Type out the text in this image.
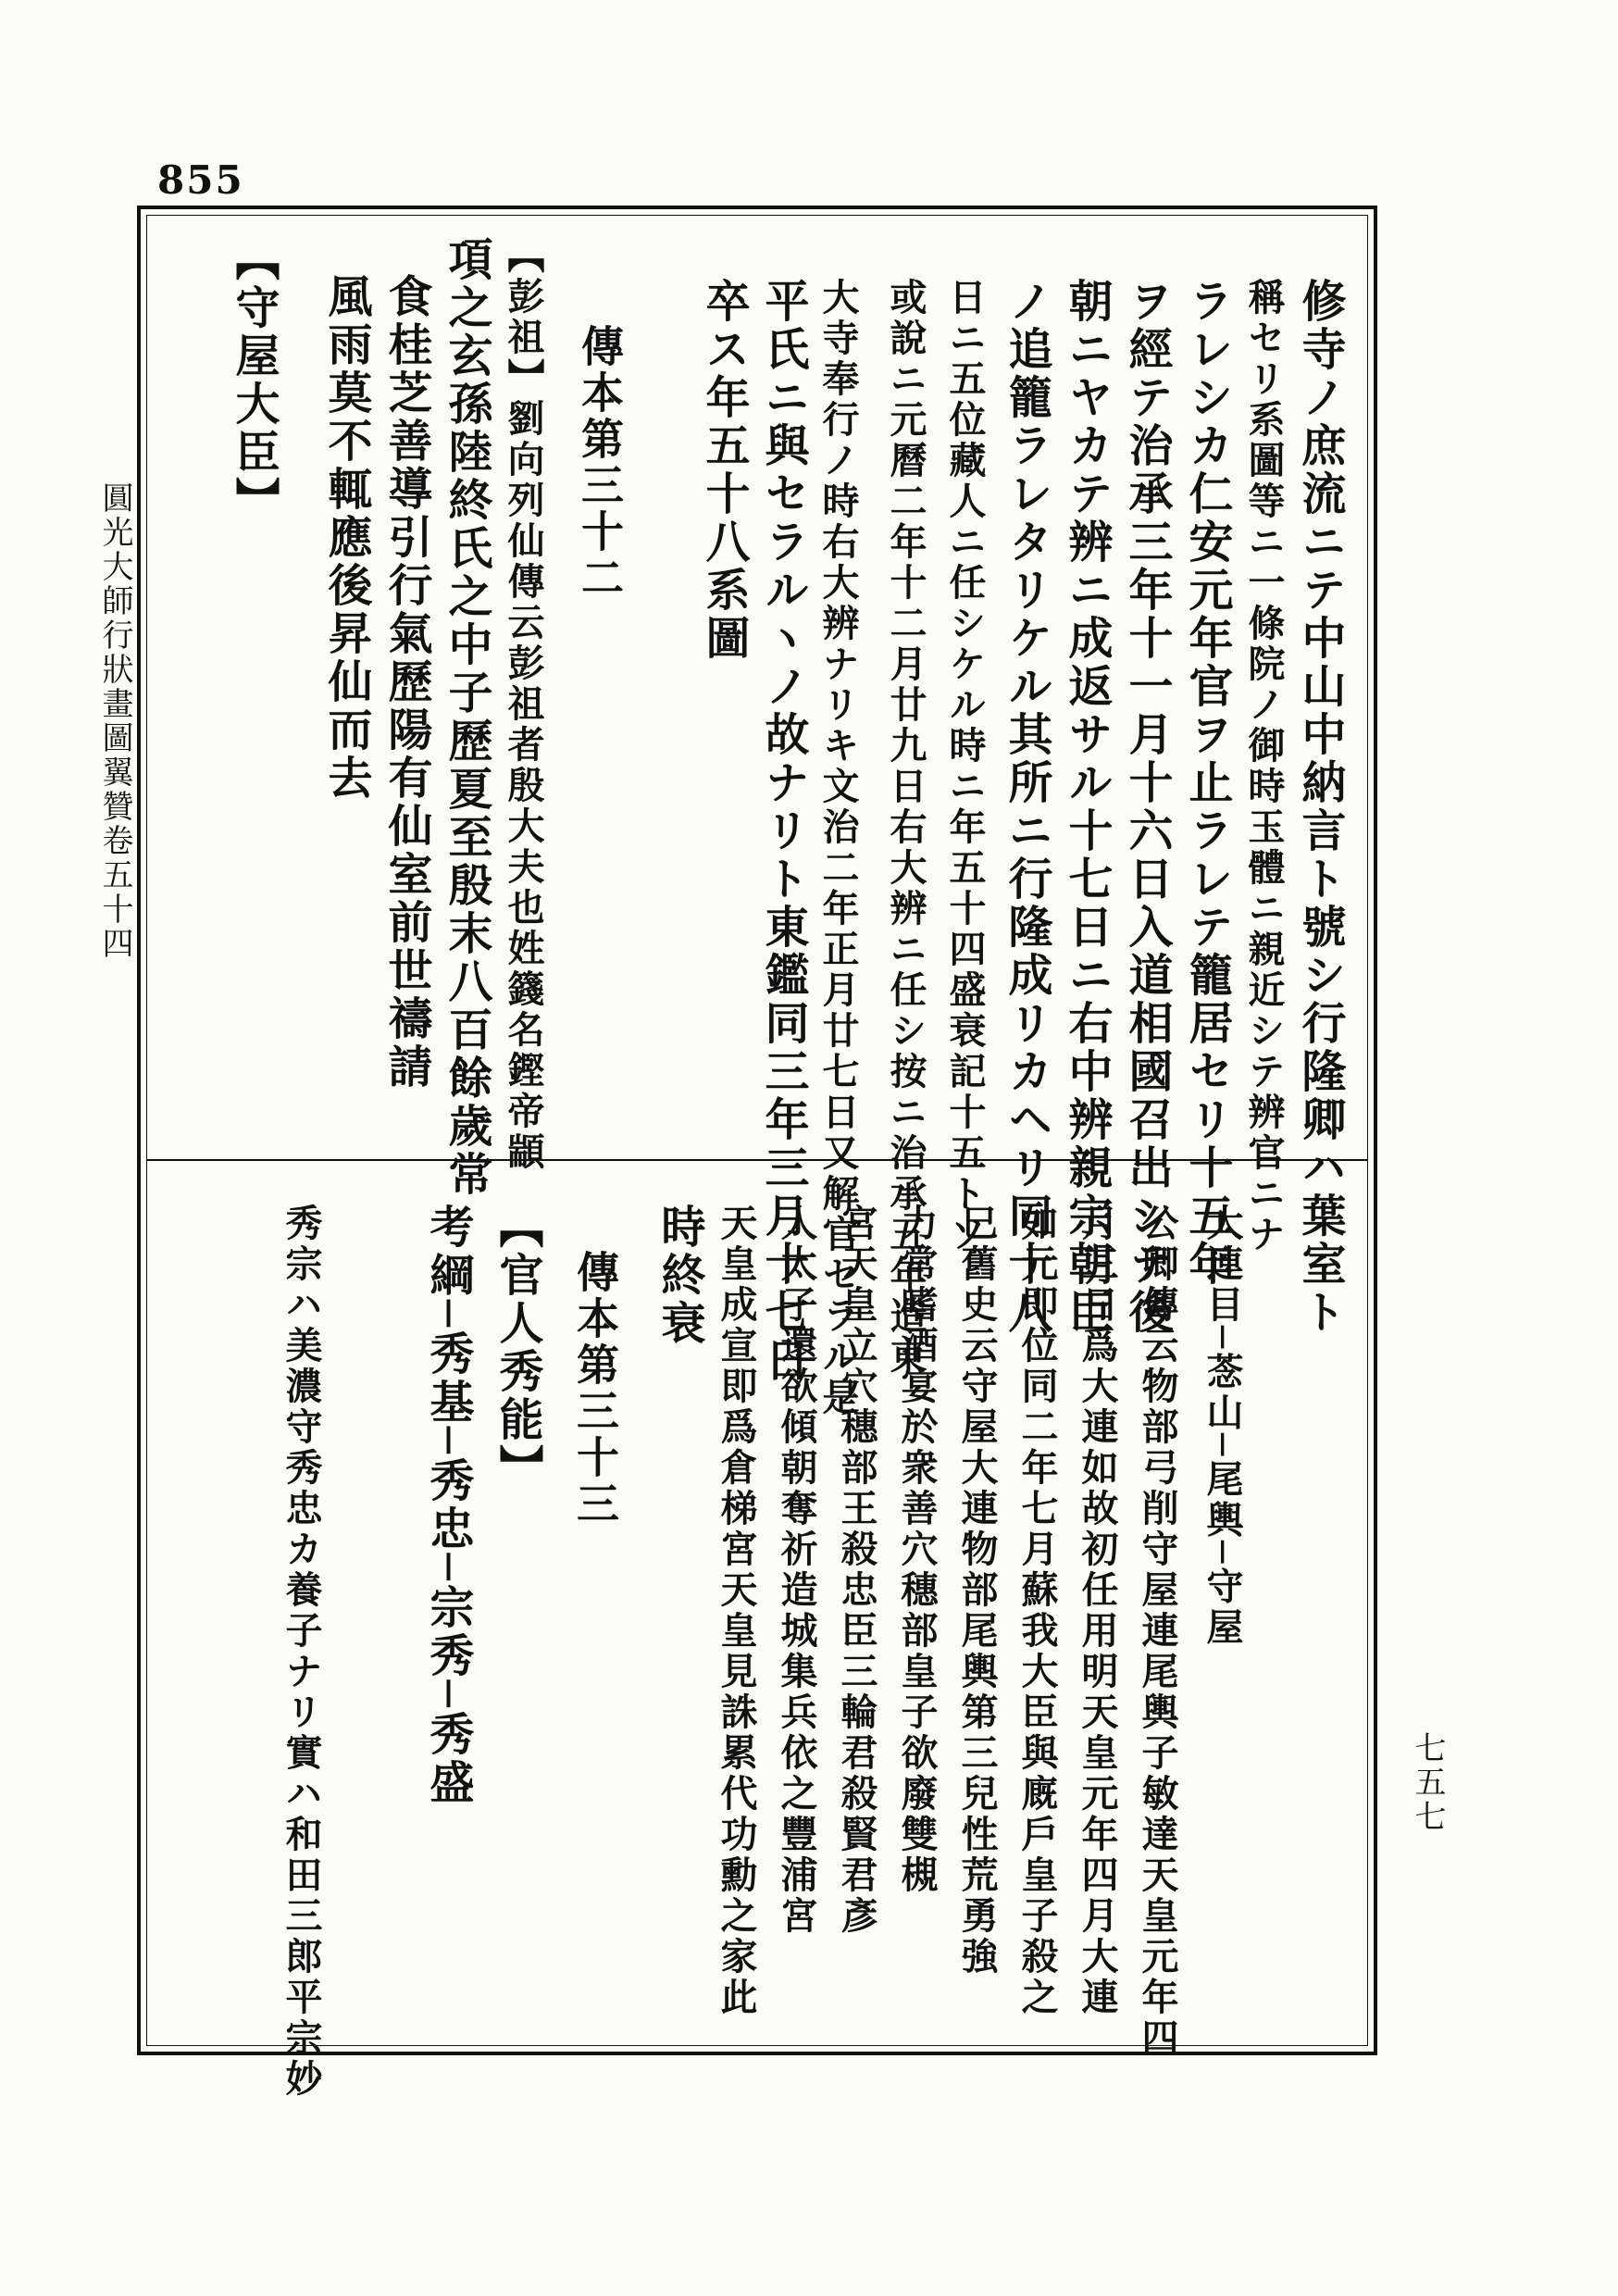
855
圓光大師行狀畫圖翼贊卷五十四
七五七
修寺ノ庶流ニテ中山中納言ト號シ行隆卿ハ葉室ト
稱セリ系圖等ニ一條院ノ御時玉體ニ親近シテ辨官ニナ
ラレシカ仁安元年官ヲ止ラレテ籠居セリ十五年
ヲ經テ治承三年十一月十六日入道相國召出シテ後
朝ニヤカテ辨ニ成返サル十七日ニ右中辨親宗朝臣
ノ追籠ラレタリケル其所ニ行隆成リカヘリ同十八
日ニ五位藏人ニ任シケル時ニ年五十四盛衰記十五トソ
或說ニ元曆二年十二月廿九日右大辨ニ任シ按ニ治承五年造東
大寺奉行ノ時右大辨ナリキ文治二年正月廿七日又解官セラル是
平氏ニ與セラルヽノ故ナリト東鑑同三年三月十七日
卒ス年五十八系圖
傳本第三十二
【彭祖】劉向列仙傳云彭祖者殷大夫也姓籛名鏗帝顓
項之玄孫陸終氏之中子歷夏至殷末八百餘歲常
食桂芝善導引行氣歷陽有仙室前世禱請
風雨莫不輒應後昇仙而去
【守屋大臣】
大連目─菍山─尾輿─守屋
公卿傳云物部弓削守屋連尾輿子敏達天皇元年四
月三日爲大連如故初任用明天皇元年四月大連
如元即位同二年七月蘇我大臣與廐戶皇子殺之
巳舊史云守屋大連物部尾輿第三兒性荒勇強
力常嗜酒宴於衆善穴穗部皇子欲廢雙槻
宮天皇立穴穗部王殺忠臣三輪君殺賢君彥
人太子還欲傾朝奪祈造城集兵依之豐浦宮
天皇成宣即爲倉梯宮天皇見誅累代功勳之家此
時終衰
傳本第三十三
【官人秀能】
考綱─秀基─秀忠─宗秀─秀盛
秀宗ハ美濃守秀忠カ養子ナリ實ハ和田三郎平宗妙
